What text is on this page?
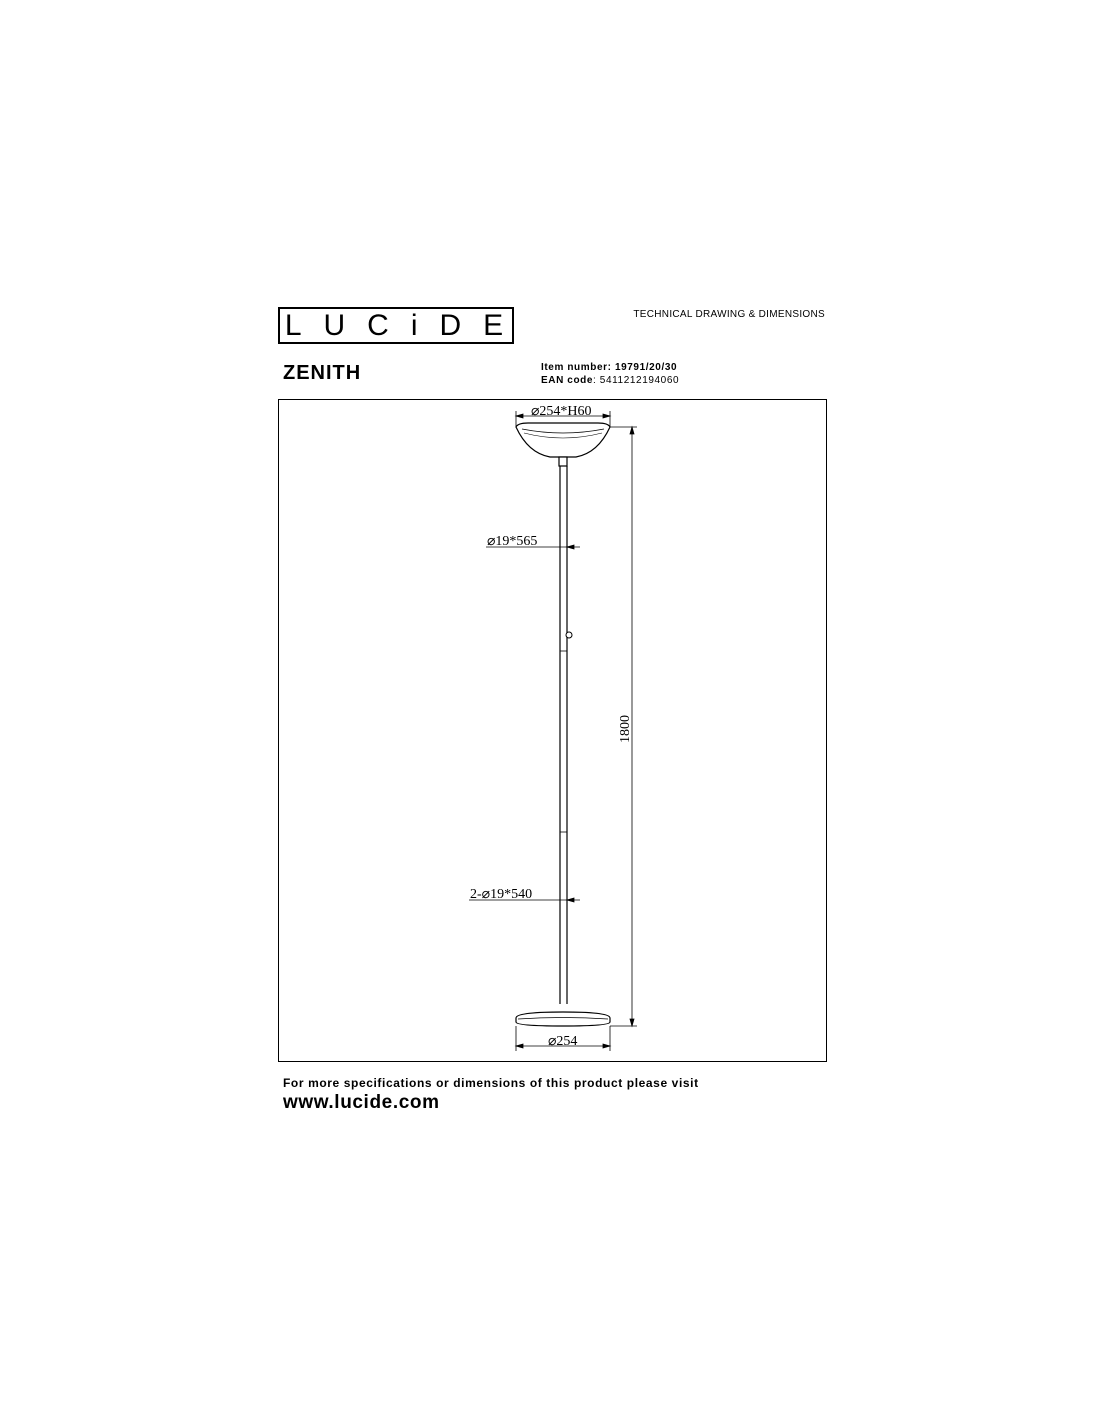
LUCiDE	TECHNICAL DRAWING & DIMENSIONS
ZENITH	Item number: 19791/20/30
EAN code: 5411212194060
⌀254*H60
⌀19*565
2-⌀19*540
1800
⌀254
For more specifications or dimensions of this product please visit
www.lucide.com
